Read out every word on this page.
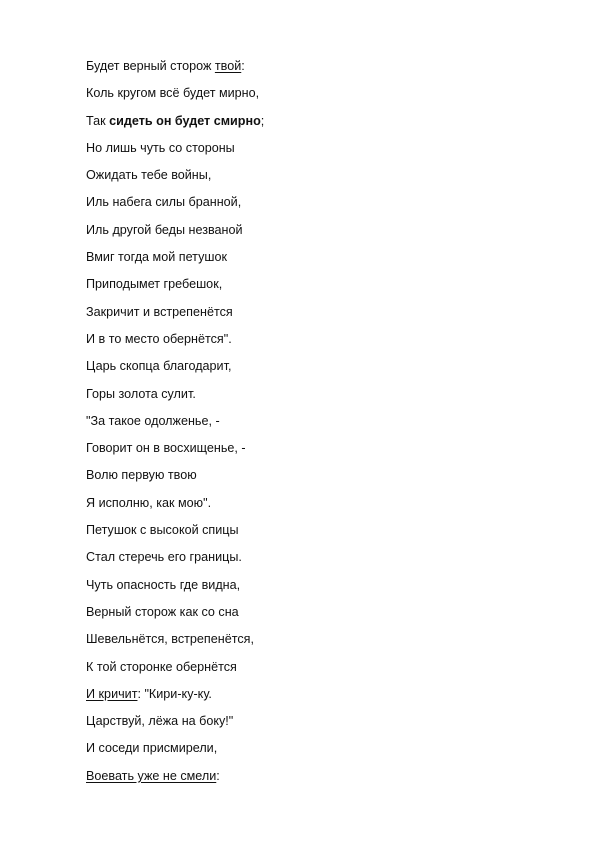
Будет верный сторож твой:
Коль кругом всё будет мирно,
Так сидеть он будет смирно;
Но лишь чуть со стороны
Ожидать тебе войны,
Иль набега силы бранной,
Иль другой беды незваной
Вмиг тогда мой петушок
Приподымет гребешок,
Закричит и встрепенётся
И в то место обернётся".
Царь скопца благодарит,
Горы золота сулит.
"За такое одолженье, -
Говорит он в восхищенье, -
Волю первую твою
Я исполню, как мою".
Петушок с высокой спицы
Стал стеречь его границы.
Чуть опасность где видна,
Верный сторож как со сна
Шевельнётся, встрепенётся,
К той сторонке обернётся
И кричит: "Кири-ку-ку.
Царствуй, лёжа на боку!"
И соседи присмирели,
Воевать уже не смели:
